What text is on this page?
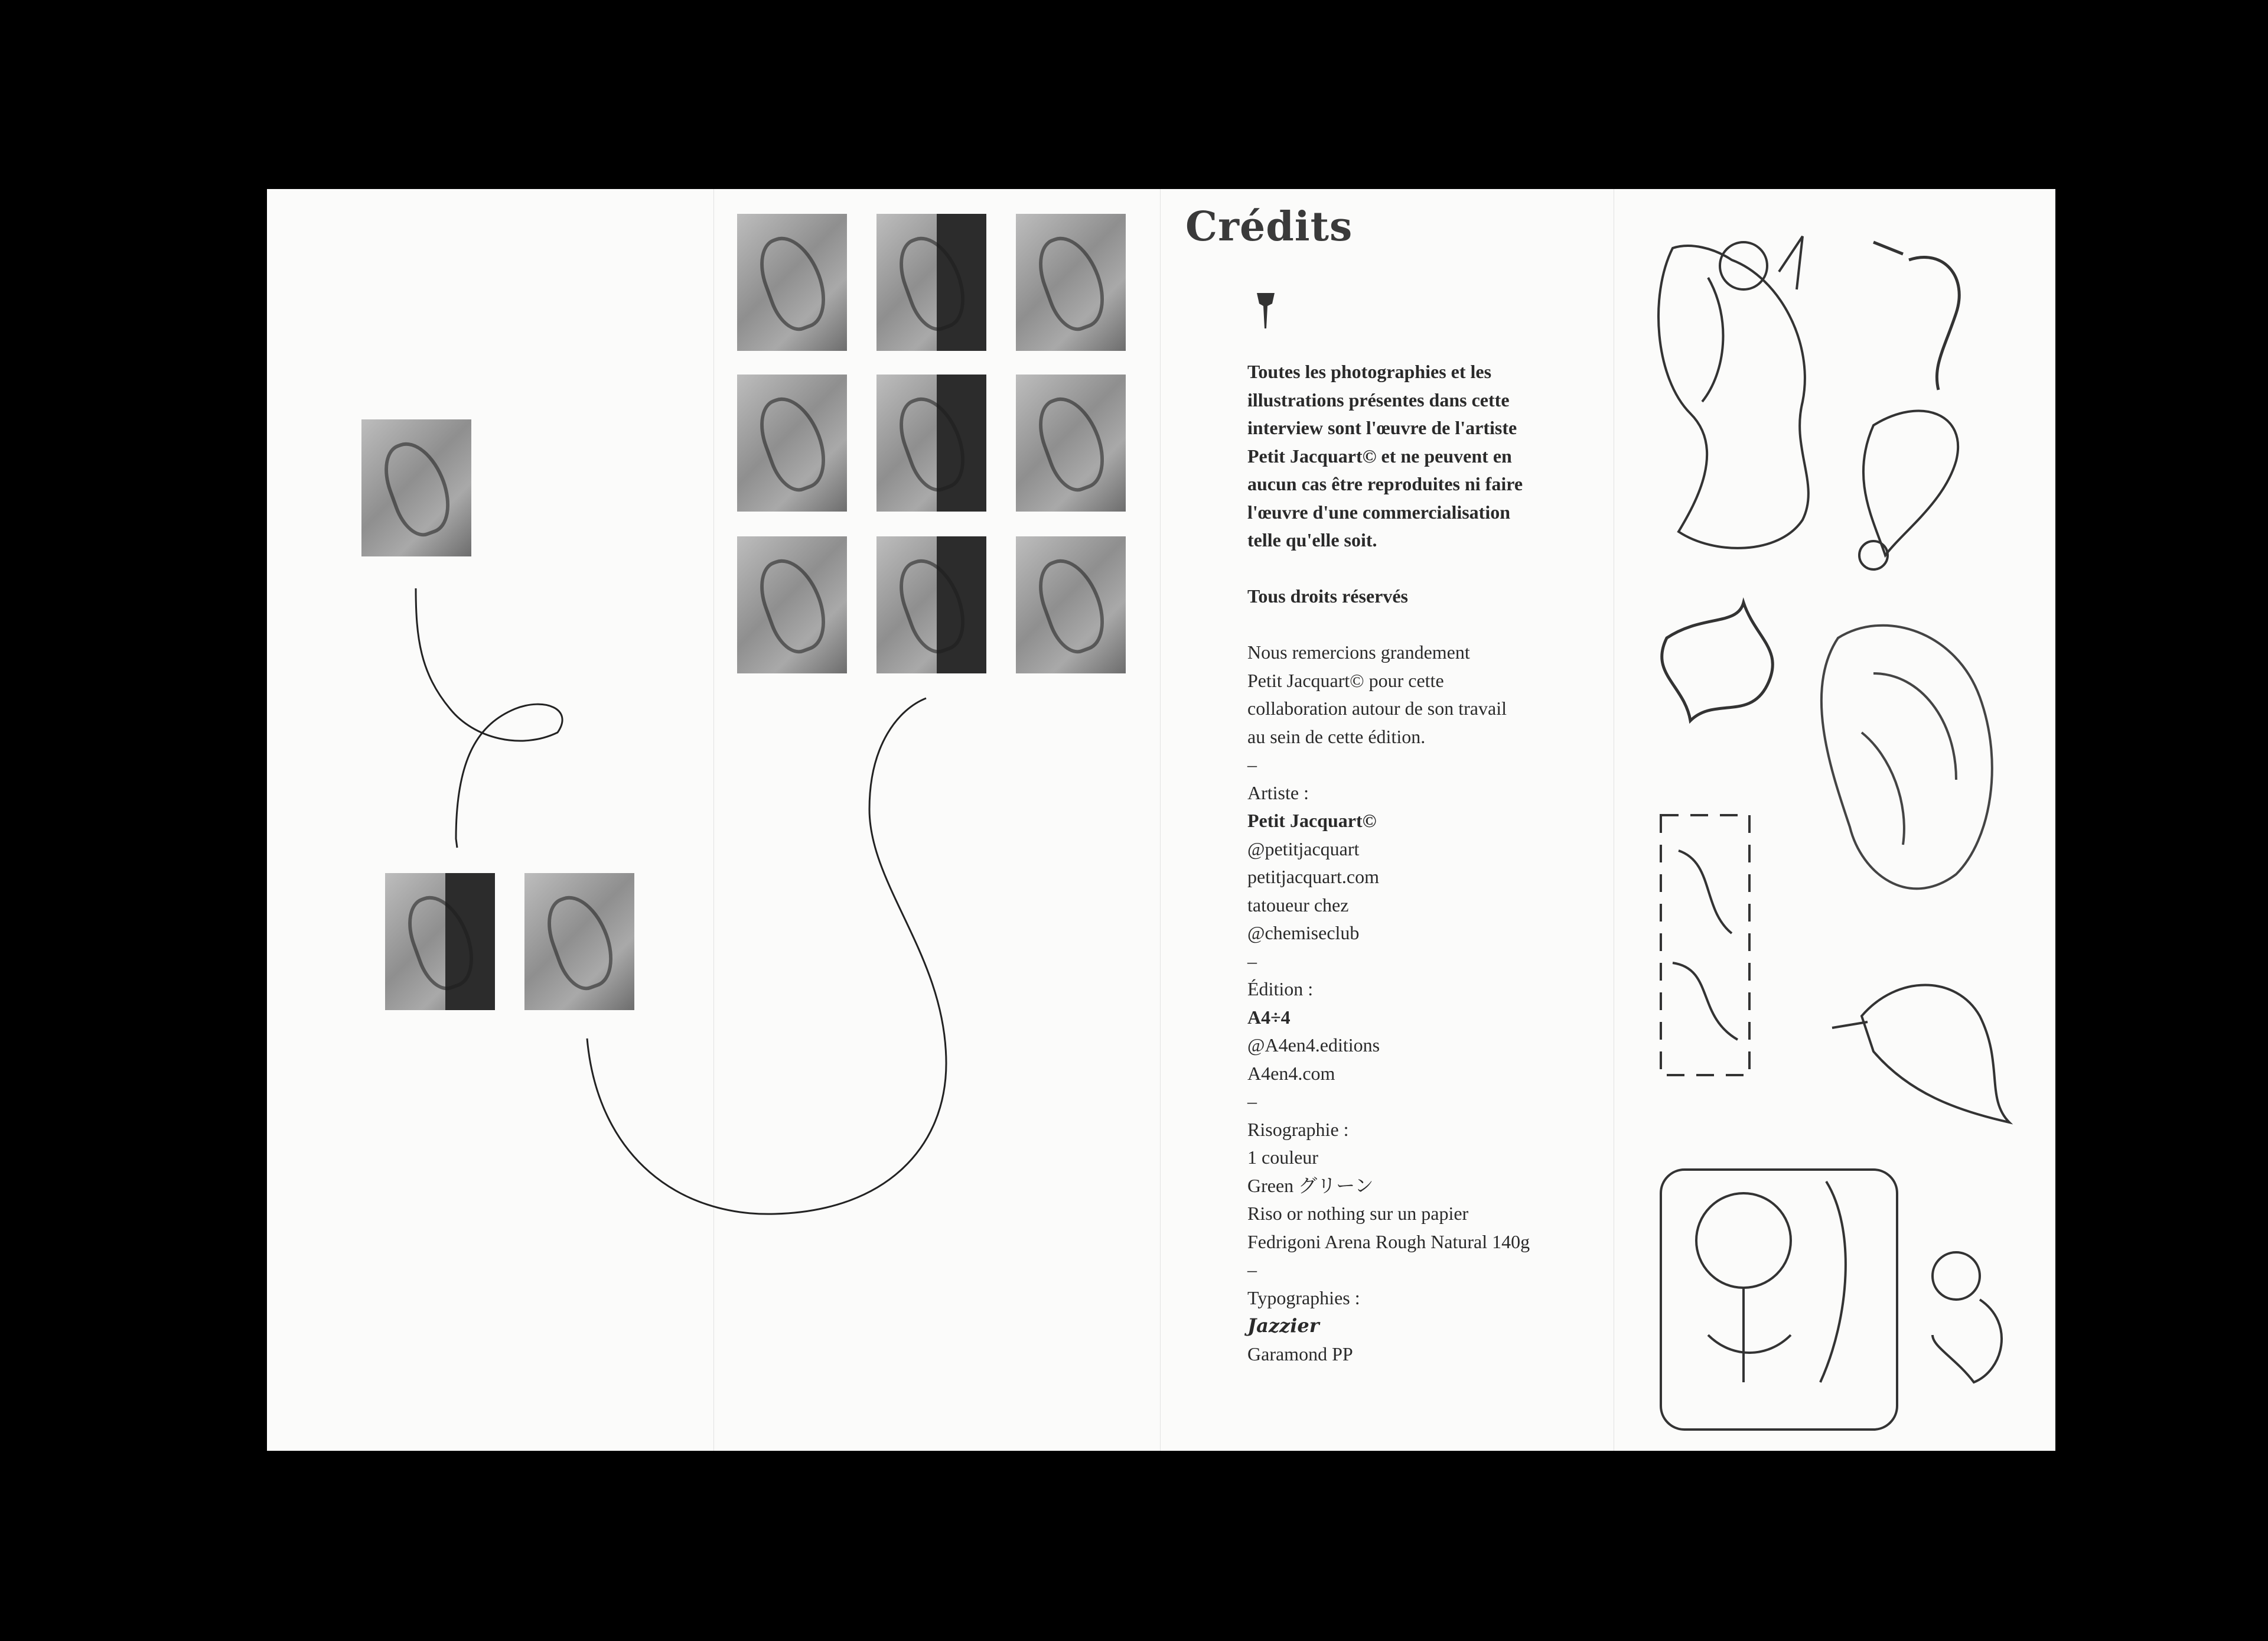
Crédits
Toutes les photographies et les
illustrations présentes dans cette
interview sont l'œuvre de l'artiste
Petit Jacquart© et ne peuvent en
aucun cas être reproduites ni faire
l'œuvre d'une commercialisation
telle qu'elle soit.
Tous droits réservés
Nous remercions grandement
Petit Jacquart© pour cette
collaboration autour de son travail
au sein de cette édition.
–
Artiste :
Petit Jacquart©
@petitjacquart
petitjacquart.com
tatoueur chez
@chemiseclub
–
Édition :
A4÷4
@A4en4.editions
A4en4.com
–
Risographie :
1 couleur
Green グリーン
Riso or nothing sur un papier
Fedrigoni Arena Rough Natural 140g
–
Typographies :
Jazzier
Garamond PP
